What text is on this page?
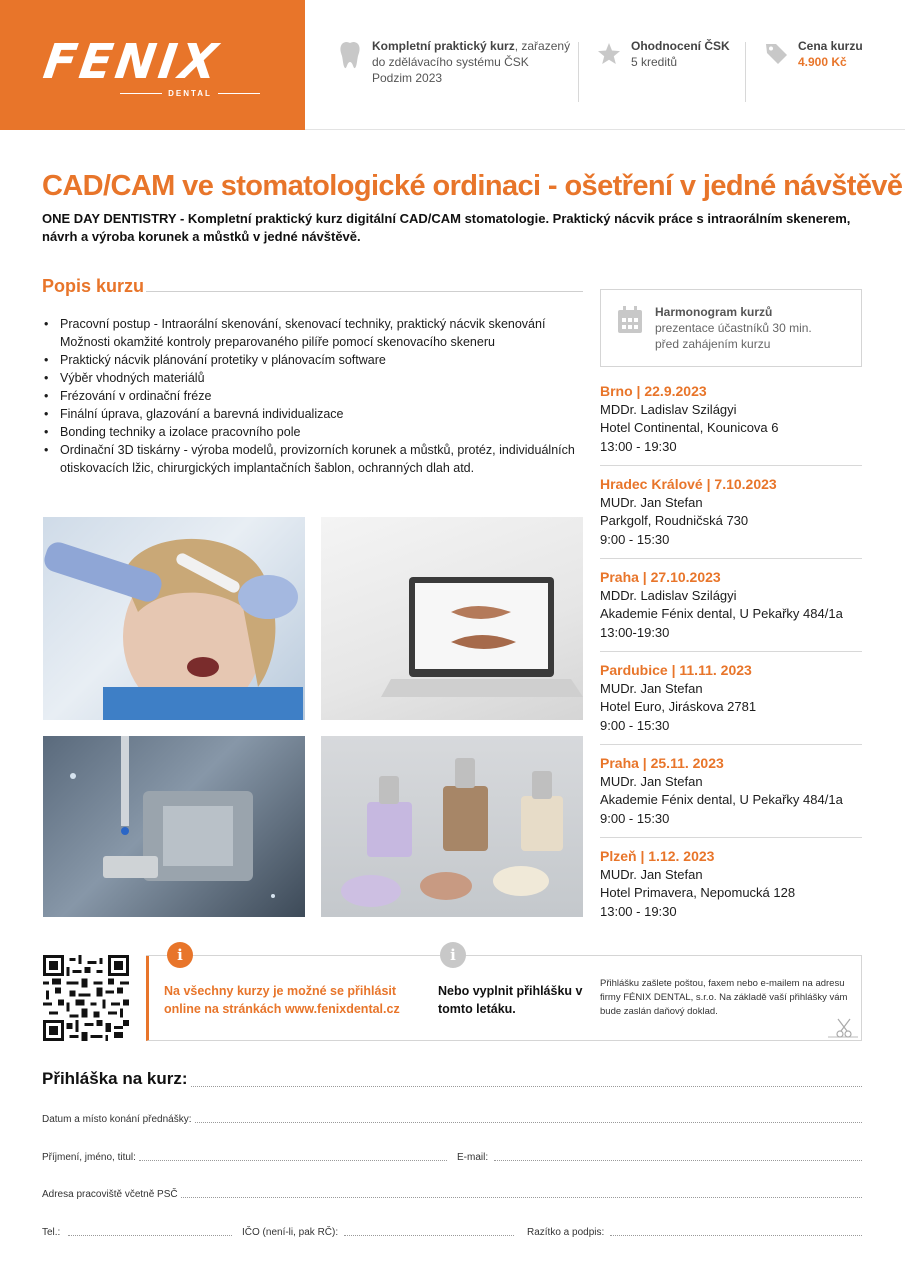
FENIX
DENTAL
Kompletní praktický kurz, zařazený
do zdělávacího systému ČSK
Podzim 2023
Ohodnocení ČSK
5 kreditů
Cena kurzu
4.900 Kč
CAD/CAM ve stomatologické ordinaci - ošetření v jedné návštěvě

ONE DAY DENTISTRY - Kompletní praktický kurz digitální CAD/CAM stomatologie. Praktický nácvik práce s intraorálním skenerem, návrh a výroba korunek a můstků v jedné návštěvě.

Popis kurzu
• Pracovní postup - Intraorální skenování, skenovací techniky, praktický nácvik skenování Možnosti okamžité kontroly preparovaného pilíře pomocí skenovacího skeneru
• Praktický nácvik plánování protetiky v plánovacím software
• Výběr vhodných materiálů
• Frézování v ordinační fréze
• Finální úprava, glazování a barevná individualizace
• Bonding techniky a izolace pracovního pole
• Ordinační 3D tiskárny - výroba modelů, provizorních korunek a můstků, protéz, individuálních otiskovacích lžic, chirurgických implantačních šablon, ochranných dlah atd.
Harmonogram kurzů
prezentace účastníků 30 min.
před zahájením kurzu
Brno | 22.9.2023
MDDr. Ladislav Szilágyi
Hotel Continental, Kounicova 6
13:00 - 19:30
Hradec Králové | 7.10.2023
MUDr. Jan Stefan
Parkgolf, Roudničská 730
9:00 - 15:30
Praha | 27.10.2023
MDDr. Ladislav Szilágyi
Akademie Fénix dental, U Pekařky 484/1a
13:00-19:30
Pardubice | 11.11. 2023
MUDr. Jan Stefan
Hotel Euro, Jiráskova 2781
9:00 - 15:30
Praha | 25.11. 2023
MUDr. Jan Stefan
Akademie Fénix dental, U Pekařky 484/1a
9:00 - 15:30
Plzeň | 1.12. 2023
MUDr. Jan Stefan
Hotel Primavera, Nepomucká 128
13:00 - 19:30
i	i
Na všechny kurzy je možné se přihlásit online na stránkách www.fenixdental.cz
Nebo vyplnit přihlášku v tomto letáku.
Přihlášku zašlete poštou, faxem nebo e-mailem na adresu firmy FÉNIX DENTAL, s.r.o. Na základě vaší přihlášky vám bude zaslán daňový doklad.
Přihláška na kurz:
Datum a místo konání přednášky:
Příjmení, jméno, titul:	E-mail:
Adresa pracoviště včetně PSČ
Tel.:	IČO (není-li, pak RČ):	Razítko a podpis:
